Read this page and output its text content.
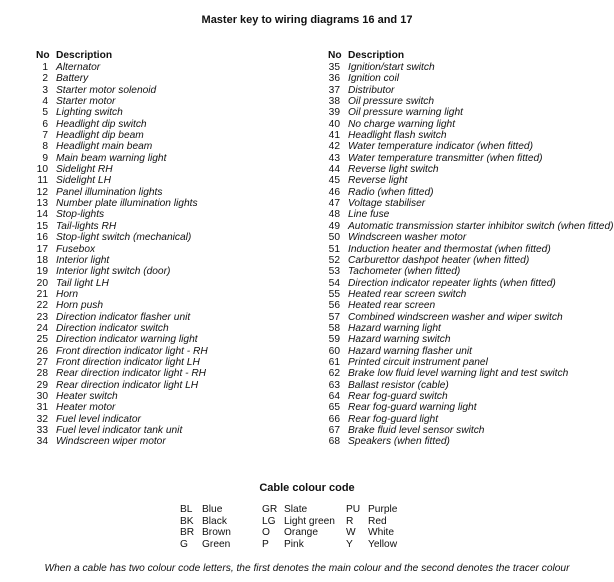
Master key to wiring diagrams 16 and 17
No Description
1 Alternator
2 Battery
3 Starter motor solenoid
4 Starter motor
5 Lighting switch
6 Headlight dip switch
7 Headlight dip beam
8 Headlight main beam
9 Main beam warning light
10 Sidelight RH
11 Sidelight LH
12 Panel illumination lights
13 Number plate illumination lights
14 Stop-lights
15 Tail-lights RH
16 Stop-light switch (mechanical)
17 Fusebox
18 Interior light
19 Interior light switch (door)
20 Tail light LH
21 Horn
22 Horn push
23 Direction indicator flasher unit
24 Direction indicator switch
25 Direction indicator warning light
26 Front direction indicator light - RH
27 Front direction indicator light LH
28 Rear direction indicator light - RH
29 Rear direction indicator light LH
30 Heater switch
31 Heater motor
32 Fuel level indicator
33 Fuel level indicator tank unit
34 Windscreen wiper motor
No Description
35 Ignition/start switch
36 Ignition coil
37 Distributor
38 Oil pressure switch
39 Oil pressure warning light
40 No charge warning light
41 Headlight flash switch
42 Water temperature indicator (when fitted)
43 Water temperature transmitter (when fitted)
44 Reverse light switch
45 Reverse light
46 Radio (when fitted)
47 Voltage stabiliser
48 Line fuse
49 Automatic transmission starter inhibitor switch (when fitted)
50 Windscreen washer motor
51 Induction heater and thermostat (when fitted)
52 Carburettor dashpot heater (when fitted)
53 Tachometer (when fitted)
54 Direction indicator repeater lights (when fitted)
55 Heated rear screen switch
56 Heated rear screen
57 Combined windscreen washer and wiper switch
58 Hazard warning light
59 Hazard warning switch
60 Hazard warning flasher unit
61 Printed circuit instrument panel
62 Brake low fluid level warning light and test switch
63 Ballast resistor (cable)
64 Rear fog-guard switch
65 Rear fog-guard warning light
66 Rear fog-guard light
67 Brake fluid level sensor switch
68 Speakers (when fitted)
Cable colour code
BL Blue
BK Black
BR Brown
G Green
GR Slate
LG Light green
O Orange
P Pink
PU Purple
R Red
W White
Y Yellow
When a cable has two colour code letters, the first denotes the main colour and the second denotes the tracer colour
